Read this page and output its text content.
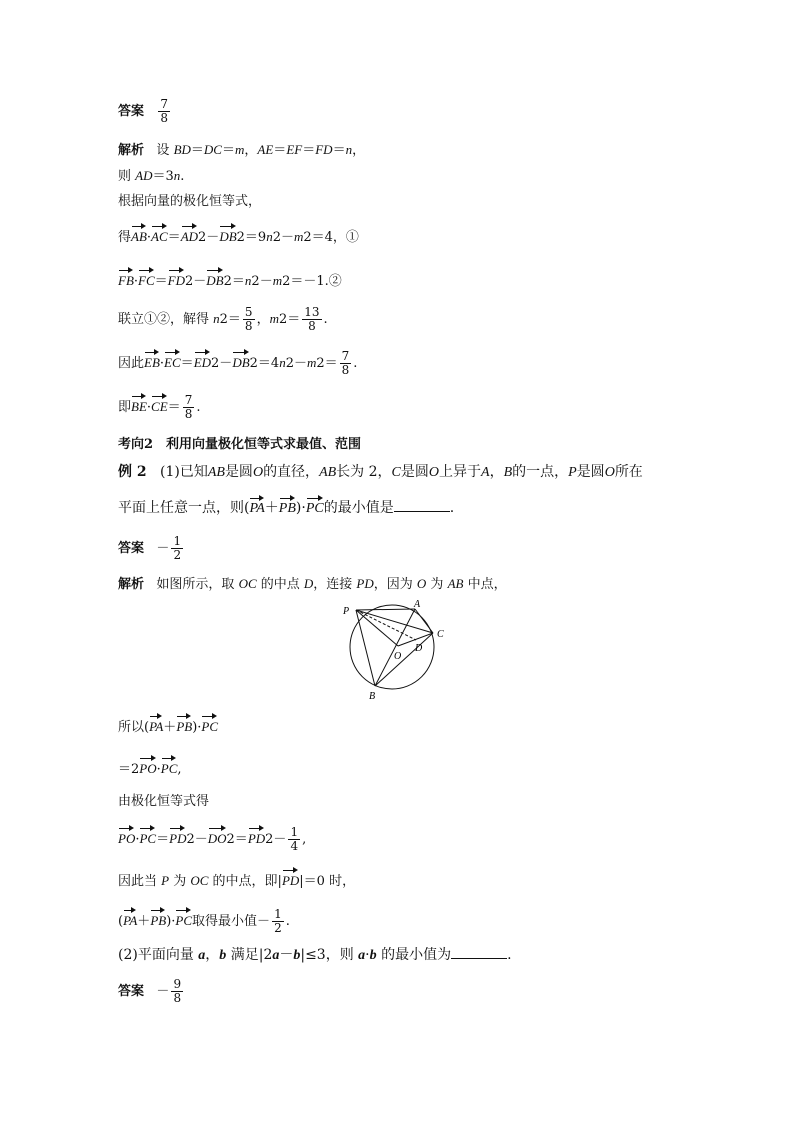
答案 $\frac{7}{8}$
解析 设 BD＝DC＝m，AE＝EF＝FD＝n，
则 AD＝3n.
根据向量的极化恒等式，
得AB·AC＝AD2－DB2＝9n2－m2＝4，①
FB·FC＝FD2－DB2＝n2－m2＝－1.②
联立①②，解得 $n2= \frac{5}{8}$ ，$m2= \frac{13}{8}$ .
因此$EB\cdot EC=ED2-DB2=4n2-m2= \frac{7}{8}$ .
即$BE\cdot CE= \frac{7}{8}$ .
考向2　利用向量极化恒等式求最值、范围
例 2 (1)已知AB是圆O的直径，AB长为 2，C是圆O上异于A，B的一点，P是圆O所在
平面上任意一点，则(PA＋PB)·PC的最小值是	.
答案 － $\frac{1}{2}$
解析 如图所示，取 OC 的中点 D，连接 PD，因为 O 为 AB 中点，
P
A
C
D
O
B
所以(PA＋PB)·PC
＝2PO·PC,
由极化恒等式得
$PO\cdot PC=PD2-DO2=PD2- \frac{1}{4}$ ,
因此当 P 为 OC 的中点，即|PD|＝0 时，
(PA＋PB)·PC取得最小值－ $\frac{1}{2}$ .
(2)平面向量 a，b 满足|2a－b|≤3，则 a·b 的最小值为	.
答案 － $\frac{9}{8}$
